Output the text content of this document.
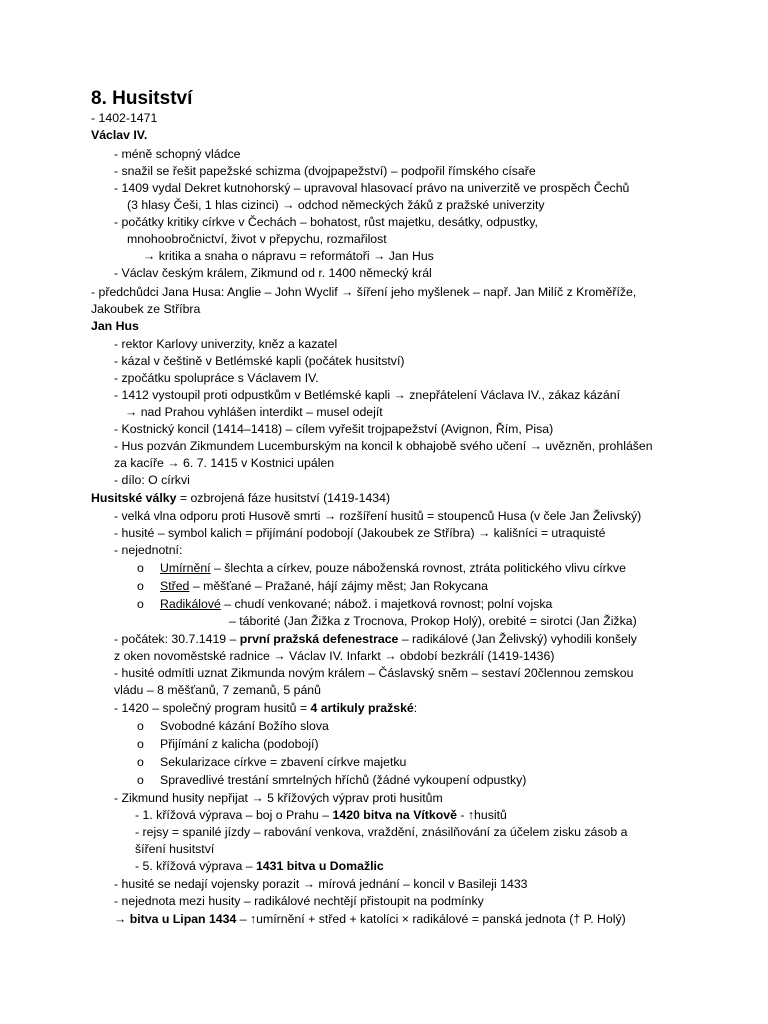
8. Husitství
- 1402-1471
Václav IV.
- méně schopný vládce
- snažil se řešit papežské schizma (dvojpapežství) – podpořil římského císaře
- 1409 vydal Dekret kutnohorský – upravoval hlasovací právo na univerzitě ve prospěch Čechů
(3 hlasy Češi, 1 hlas cizinci) → odchod německých žáků z pražské univerzity
- počátky kritiky církve v Čechách – bohatost, růst majetku, desátky, odpustky,
mnohoobročnictví, život v přepychu, rozmařilost
→ kritika a snaha o nápravu = reformátoři → Jan Hus
- Václav českým králem, Zikmund od r. 1400 německý král
- předchůdci Jana Husa: Anglie – John Wyclif → šíření jeho myšlenek – např. Jan Milíč z Kroměříže,
Jakoubek ze Stříbra
Jan Hus
- rektor Karlovy univerzity, kněz a kazatel
- kázal v češtině v Betlémské kapli (počátek husitství)
- zpočátku spolupráce s Václavem IV.
- 1412 vystoupil proti odpustkům v Betlémské kapli → znepřátelení Václava IV., zákaz kázání
→ nad Prahou vyhlášen interdikt – musel odejít
- Kostnický koncil (1414–1418) – cílem vyřešit trojpapežství (Avignon, Řím, Pisa)
- Hus pozván Zikmundem Lucemburským na koncil k obhajobě svého učení → uvězněn, prohlášen
za kacíře → 6. 7. 1415 v Kostnici upálen
- dílo: O církvi
Husitské války = ozbrojená fáze husitství (1419-1434)
- velká vlna odporu proti Husově smrti → rozšíření husitů = stoupenců Husa (v čele Jan Želivský)
- husité – symbol kalich = přijímání podobojí (Jakoubek ze Stříbra) → kališníci = utraquisté
- nejednotní:
o Umírnění – šlechta a církev, pouze náboženská rovnost, ztráta politického vlivu církve
o Střed – měšťané – Pražané, hájí zájmy měst; Jan Rokycana
o Radikálové – chudí venkované; nábož. i majetková rovnost; polní vojska
– táborité (Jan Žižka z Trocnova, Prokop Holý), orebité = sirotci (Jan Žižka)
- počátek: 30.7.1419 – první pražská defenestrace – radikálové (Jan Želivský) vyhodili konšely
z oken novoměstské radnice → Václav IV. Infarkt → období bezkrálí (1419-1436)
- husité odmítli uznat Zikmunda novým králem – Čáslavský sněm – sestaví 20člennou zemskou
vládu – 8 měšťanů, 7 zemanů, 5 pánů
- 1420 – společný program husitů = 4 artikuly pražské:
o Svobodné kázání Božího slova
o Přijímání z kalicha (podobojí)
o Sekularizace církve = zbavení církve majetku
o Spravedlivé trestání smrtelných hříchů (žádné vykoupení odpustky)
- Zikmund husity nepřijat → 5 křížových výprav proti husitům
- 1. křížová výprava – boj o Prahu – 1420 bitva na Vítkově - ↑husitů
- rejsy = spanilé jízdy – rabování venkova, vraždění, znásilňování za účelem zisku zásob a
šíření husitství
- 5. křížová výprava – 1431 bitva u Domažlic
- husité se nedají vojensky porazit → mírová jednání – koncil v Basileji 1433
- nejednota mezi husity – radikálové nechtějí přistoupit na podmínky
→ bitva u Lipan 1434 – ↑umírnění + střed + katolíci × radikálové = panská jednota († P. Holý)
